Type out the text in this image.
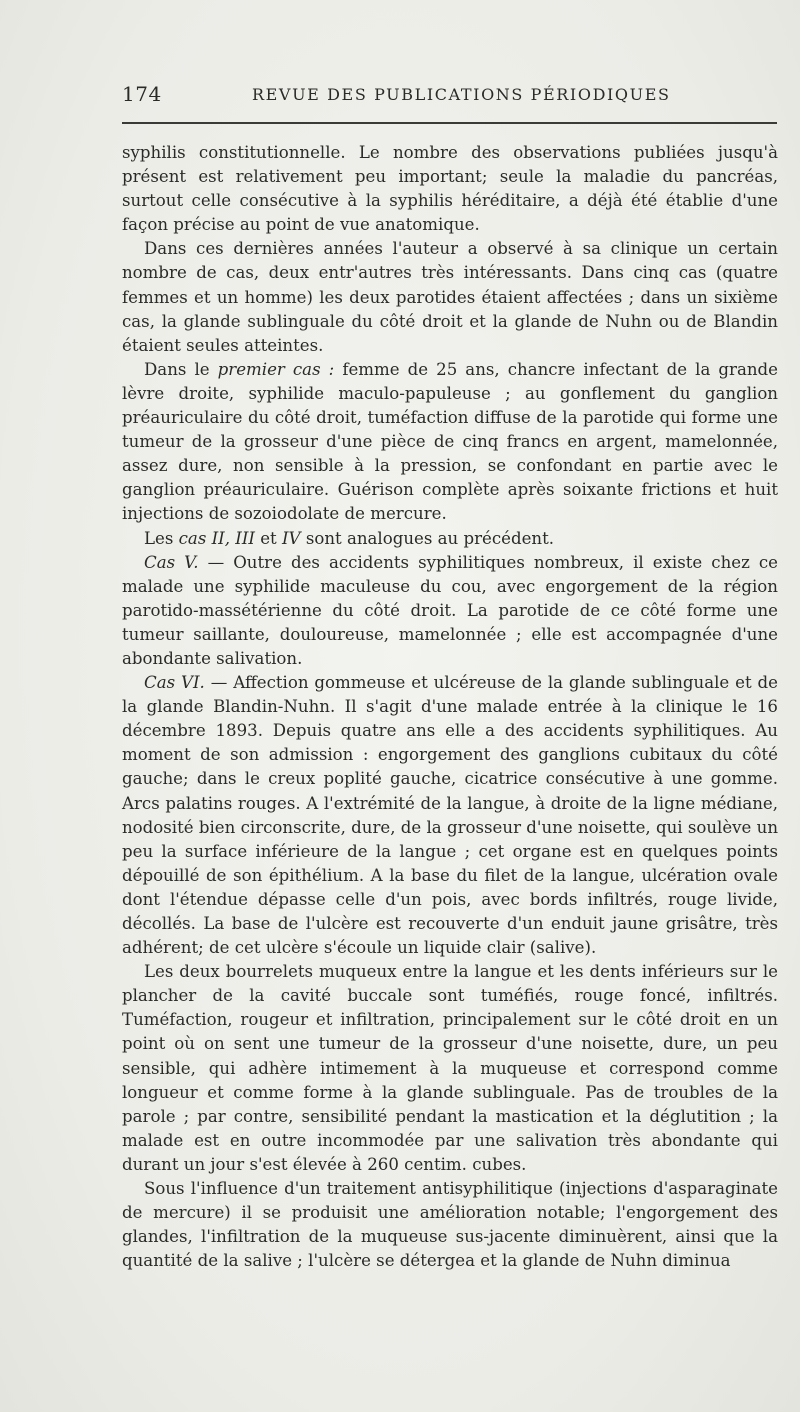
174	REVUE DES PUBLICATIONS PÉRIODIQUES

syphilis constitutionnelle. Le nombre des observations publiées jusqu'à présent est relativement peu important; seule la maladie du pancréas, surtout celle consécutive à la syphilis héréditaire, a déjà été établie d'une façon précise au point de vue anatomique.

Dans ces dernières années l'auteur a observé à sa clinique un certain nombre de cas, deux entr'autres très intéressants. Dans cinq cas (quatre femmes et un homme) les deux parotides étaient affectées ; dans un sixième cas, la glande sublinguale du côté droit et la glande de Nuhn ou de Blandin étaient seules atteintes.

Dans le premier cas : femme de 25 ans, chancre infectant de la grande lèvre droite, syphilide maculo-papuleuse ; au gonflement du ganglion préauriculaire du côté droit, tuméfaction diffuse de la parotide qui forme une tumeur de la grosseur d'une pièce de cinq francs en argent, mamelonnée, assez dure, non sensible à la pression, se confondant en partie avec le ganglion préauriculaire. Guérison complète après soixante frictions et huit injections de sozoiodolate de mercure.

Les cas II, III et IV sont analogues au précédent.

Cas V. — Outre des accidents syphilitiques nombreux, il existe chez ce malade une syphilide maculeuse du cou, avec engorgement de la région parotido-massétérienne du côté droit. La parotide de ce côté forme une tumeur saillante, douloureuse, mamelonnée ; elle est accompagnée d'une abondante salivation.

Cas VI. — Affection gommeuse et ulcéreuse de la glande sublinguale et de la glande Blandin-Nuhn. Il s'agit d'une malade entrée à la clinique le 16 décembre 1893. Depuis quatre ans elle a des accidents syphilitiques. Au moment de son admission : engorgement des ganglions cubitaux du côté gauche; dans le creux poplité gauche, cicatrice consécutive à une gomme. Arcs palatins rouges. A l'extrémité de la langue, à droite de la ligne médiane, nodosité bien circonscrite, dure, de la grosseur d'une noisette, qui soulève un peu la surface inférieure de la langue ; cet organe est en quelques points dépouillé de son épithélium. A la base du filet de la langue, ulcération ovale dont l'étendue dépasse celle d'un pois, avec bords infiltrés, rouge livide, décollés. La base de l'ulcère est recouverte d'un enduit jaune grisâtre, très adhérent; de cet ulcère s'écoule un liquide clair (salive).

Les deux bourrelets muqueux entre la langue et les dents inférieurs sur le plancher de la cavité buccale sont tuméfiés, rouge foncé, infiltrés. Tuméfaction, rougeur et infiltration, principalement sur le côté droit en un point où on sent une tumeur de la grosseur d'une noisette, dure, un peu sensible, qui adhère intimement à la muqueuse et correspond comme longueur et comme forme à la glande sublinguale. Pas de troubles de la parole ; par contre, sensibilité pendant la mastication et la déglutition ; la malade est en outre incommodée par une salivation très abondante qui durant un jour s'est élevée à 260 centim. cubes.

Sous l'influence d'un traitement antisyphilitique (injections d'asparaginate de mercure) il se produisit une amélioration notable; l'engorgement des glandes, l'infiltration de la muqueuse sus-jacente diminuèrent, ainsi que la quantité de la salive ; l'ulcère se détergea et la glande de Nuhn diminua
